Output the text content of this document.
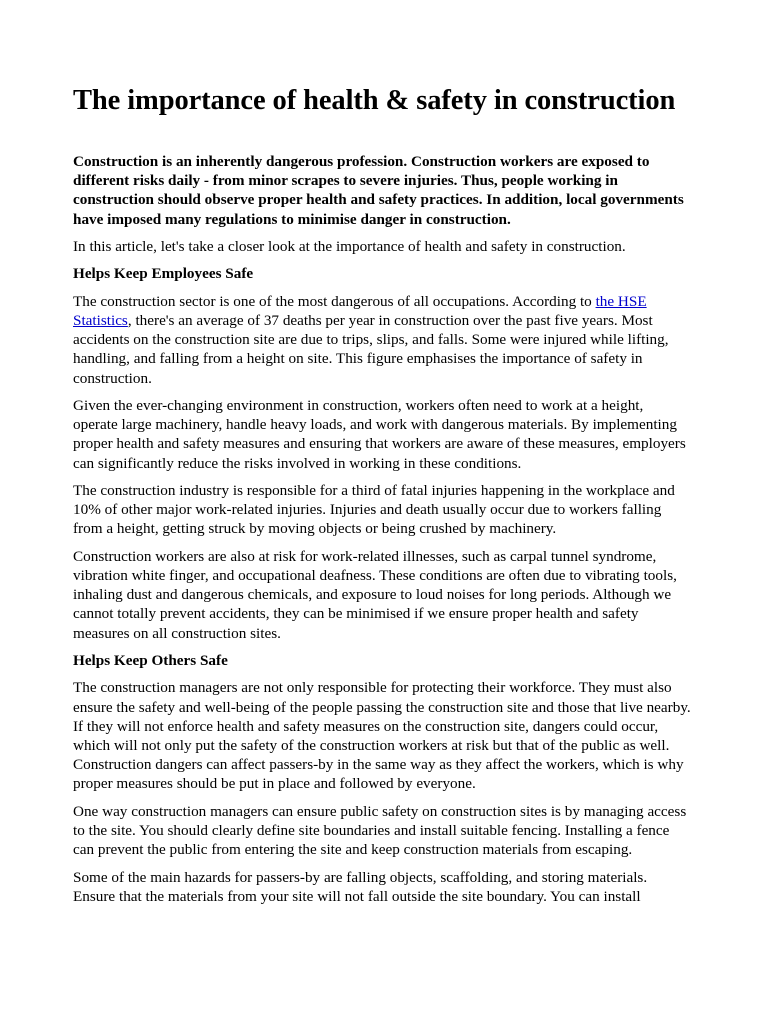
The importance of health & safety in construction

Construction is an inherently dangerous profession. Construction workers are exposed to different risks daily - from minor scrapes to severe injuries. Thus, people working in construction should observe proper health and safety practices. In addition, local governments have imposed many regulations to minimise danger in construction.

In this article, let's take a closer look at the importance of health and safety in construction.

Helps Keep Employees Safe

The construction sector is one of the most dangerous of all occupations. According to the HSE Statistics, there's an average of 37 deaths per year in construction over the past five years. Most accidents on the construction site are due to trips, slips, and falls. Some were injured while lifting, handling, and falling from a height on site. This figure emphasises the importance of safety in construction.

Given the ever-changing environment in construction, workers often need to work at a height, operate large machinery, handle heavy loads, and work with dangerous materials. By implementing proper health and safety measures and ensuring that workers are aware of these measures, employers can significantly reduce the risks involved in working in these conditions.

The construction industry is responsible for a third of fatal injuries happening in the workplace and 10% of other major work-related injuries. Injuries and death usually occur due to workers falling from a height, getting struck by moving objects or being crushed by machinery.

Construction workers are also at risk for work-related illnesses, such as carpal tunnel syndrome, vibration white finger, and occupational deafness. These conditions are often due to vibrating tools, inhaling dust and dangerous chemicals, and exposure to loud noises for long periods. Although we cannot totally prevent accidents, they can be minimised if we ensure proper health and safety measures on all construction sites.

Helps Keep Others Safe

The construction managers are not only responsible for protecting their workforce. They must also ensure the safety and well-being of the people passing the construction site and those that live nearby. If they will not enforce health and safety measures on the construction site, dangers could occur, which will not only put the safety of the construction workers at risk but that of the public as well. Construction dangers can affect passers-by in the same way as they affect the workers, which is why proper measures should be put in place and followed by everyone.

One way construction managers can ensure public safety on construction sites is by managing access to the site. You should clearly define site boundaries and install suitable fencing. Installing a fence can prevent the public from entering the site and keep construction materials from escaping.

Some of the main hazards for passers-by are falling objects, scaffolding, and storing materials. Ensure that the materials from your site will not fall outside the site boundary. You can install
